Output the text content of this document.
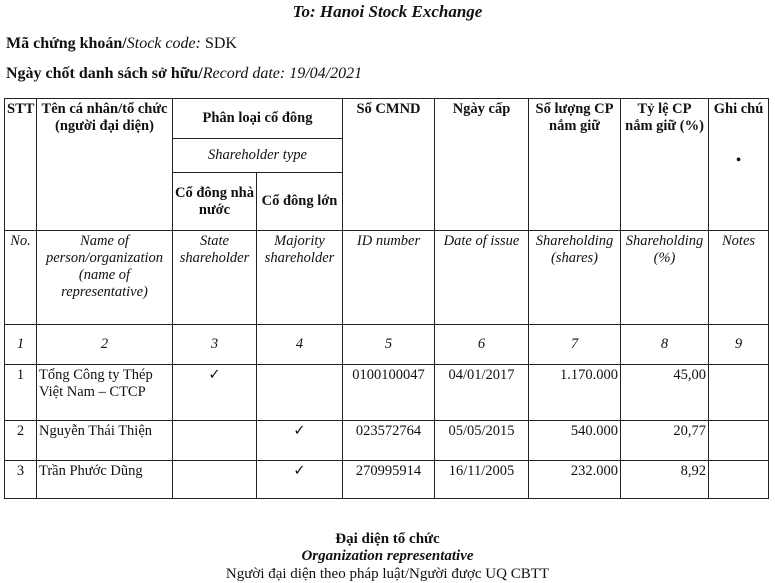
To: Hanoi Stock Exchange
Mã chứng khoán/Stock code: SDK
Ngày chốt danh sách sở hữu/Record date: 19/04/2021
STT	Tên cá nhân/tổ chức (người đại diện)	Phân loại cổ đông		Số CMND	Ngày cấp	Số lượng CP nắm giữ	Tỷ lệ CP nắm giữ (%)	Ghi chú
•

		Shareholder type						
		Cổ đông nhà nước	Cổ đông lớn					
No.	Name of person/organization (name of representative)	State shareholder	Majority shareholder	ID number	Date of issue	Shareholding (shares)	Shareholding (%)	Notes
1	2	3	4	5	6	7	8	9
1	Tổng Công ty Thép Việt Nam – CTCP	✓		0100100047	04/01/2017	1.170.000	45,00	
2	Nguyễn Thái Thiện		✓	023572764	05/05/2015	540.000	20,77	
3	Trần Phước Dũng		✓	270995914	16/11/2005	232.000	8,92	
Đại diện tổ chức
Organization representative
Người đại diện theo pháp luật/Người được UQ CBTT
